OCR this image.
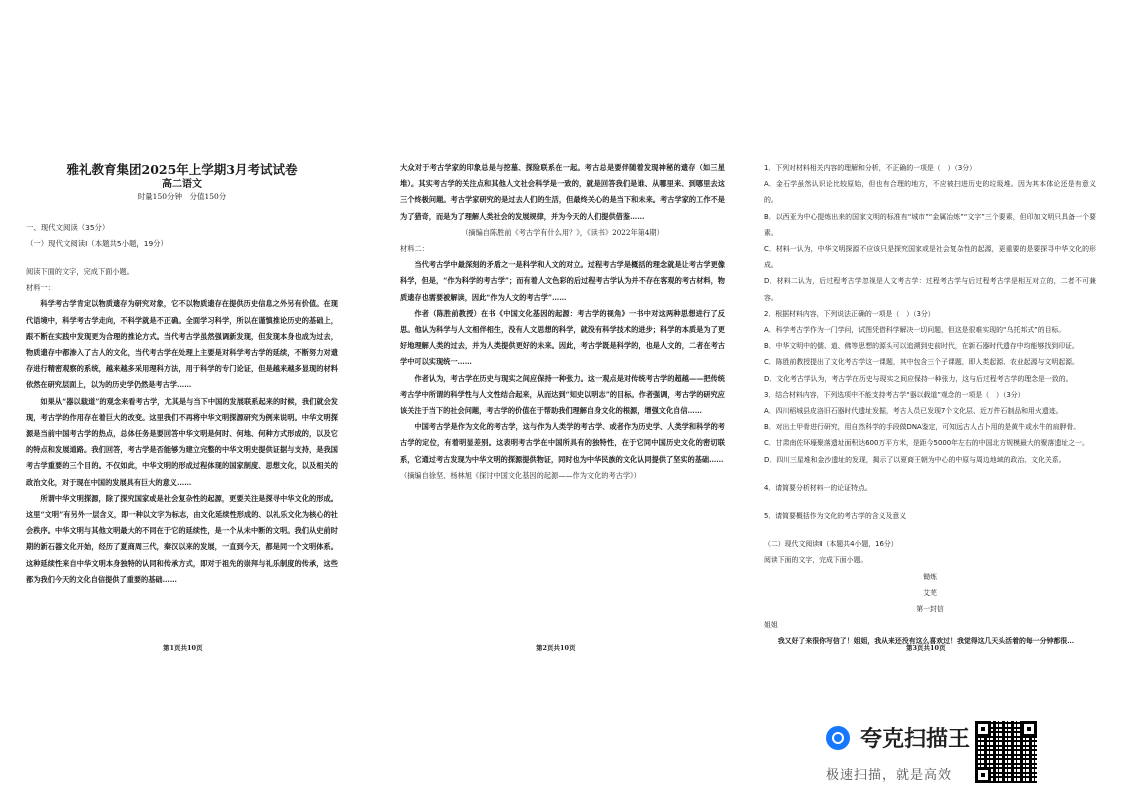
雅礼教育集团2025年上学期3月考试试卷
高二语文
时量150分钟　分值150分
一、现代文阅读（35分）
（一）现代文阅读Ⅰ（本题共5小题，19分）

阅读下面的文字，完成下面小题。

材料一：

科学考古学肯定以物质遗存为研究对象，它不以物质遗存在提供历史信息之外另有价值。在现代语境中，科学考古学走向，不科学就是不正确。全面学习科学，所以在谨慎推论历史的基础上，跟不断在实践中发现更为合理的推论方式。当代考古学虽然强调新发现，但发现本身也成为过去，物质遗存中都渗入了古人的文化，当代考古学在处理上主要是对科学考古学的延续，不断努力对遗存进行精密观察的系统，越来越多采用理科方法，用于科学的专门论证，但是越来越多显现的材料依然在研究层面上，以为的历史学仍然是考古学……

如果从“器以载道”的观念来看考古学，尤其是与当下中国的发展联系起来的时候，我们就会发现，考古学的作用存在着巨大的改变。这里我们不再将中华文明探源研究为例来说明。中华文明探源是当前中国考古学的热点，总体任务是要回答中华文明是何时、何地、何种方式形成的，以及它的特点和发展道路。我们回答，考古学是否能够为建立完整的中华文明史提供证据与支持，是我国考古学重要的三个目的。不仅如此，中华文明的形成过程体现的国家制度、思想文化，以及相关的政治文化，对于现在中国的发展具有巨大的意义……

所谓中华文明探源，除了探究国家或是社会复杂性的起源，更要关注是探寻中华文化的形成。这里“文明”有另外一层含义，即一种以文字为标志，由文化延续性形成的、以礼乐文化为核心的社会秩序。中华文明与其他文明最大的不同在于它的延续性，是一个从未中断的文明。我们从史前时期的新石器文化开始，经历了夏商周三代，秦汉以来的发展，一直到今天，都是同一个文明体系。这种延续性来自中华文明本身独特的认同和传承方式，即对于祖先的崇拜与礼乐制度的传承，这些都为我们今天的文化自信提供了重要的基础……

第1页共10页

大众对于考古学家的印象总是与挖墓、探险联系在一起。考古总是要伴随着发现神秘的遗存（如三星堆）。其实考古学的关注点和其他人文社会科学是一致的，就是回答我们是谁、从哪里来、到哪里去这三个终极问题。考古学家研究的是过去人们的生活，但最终关心的是当下和未来。考古学家的工作不是为了猎奇，而是为了理解人类社会的发展规律，并为今天的人们提供借鉴……

（摘编自陈胜前《考古学有什么用？》，《读书》2022年第4期）

材料二：

当代考古学中最深刻的矛盾之一是科学和人文的对立。过程考古学是概括的理念就是让考古学更像科学，但是，“作为科学的考古学”；而有着人文色彩的后过程考古学认为并不存在客观的考古材料，物质遗存也需要被解读，因此“作为人文的考古学”……

作者（陈胜前教授）在书《中国文化基因的起源：考古学的视角》一书中对这两种思想进行了反思。他认为科学与人文相伴相生，没有人文思想的科学，就没有科学技术的进步；科学的本质是为了更好地理解人类的过去，并为人类提供更好的未来。因此，考古学既是科学的，也是人文的，二者在考古学中可以实现统一……

作者认为，考古学在历史与现实之间应保持一种张力。这一观点是对传统考古学的超越——把传统考古学中所谓的科学性与人文性结合起来，从而达到“知史以明志”的目标。作者强调，考古学的研究应该关注于当下的社会问题，考古学的价值在于帮助我们理解自身文化的根源，增强文化自信……

中国考古学是作为文化的考古学，这与作为人类学的考古学、或者作为历史学、人类学和科学的考古学的定位，有着明显差别。这表明考古学在中国所具有的独特性，在于它同中国历史文化的密切联系，它通过考古发现为中华文明的探源提供物证，同时也为中华民族的文化认同提供了坚实的基础……

（摘编自徐坚、杨林旭《探讨中国文化基因的起源——作为文化的考古学》）

第2页共10页

1．下列对材料相关内容的理解和分析，不正确的一项是（　）（3分）

A．金石学虽然认识论比较原始，但也有合理的地方，不应被扫进历史的垃圾堆。因为其本体论还是有意义的。

B．以西亚为中心提炼出来的国家文明的标准有“城市”“金属冶炼”“文字”三个要素，但印加文明只具备一个要素。

C．材料一认为，中华文明探源不应该只是探究国家或是社会复杂性的起源，更重要的是要探寻中华文化的形成。

D．材料二认为，后过程考古学忽视是人文考古学：过程考古学与后过程考古学是相互对立的，二者不可兼容。

2．根据材料内容，下列说法正确的一项是（　）（3分）

A．科学考古学作为一门学问，试图凭借科学解决一切问题，但这是很难实现的“乌托邦式”的目标。

B．中华文明中的儒、道、佛等思想的源头可以追溯到史前时代，在新石器时代遗存中均能够找到印证。

C．陈胜前教授提出了文化考古学这一课题，其中包含三个子课题，即人类起源、农业起源与文明起源。

D．文化考古学认为，考古学在历史与现实之间应保持一种张力，这与后过程考古学的理念是一致的。

3．结合材料内容，下列选项中不能支持考古学“器以载道”观念的一项是（　）（3分）

A．四川稻城县皮洛旧石器时代遗址发掘，考古人员已发现7个文化层、近万件石制品和用火遗迹。

B．对出土甲骨进行研究，用自然科学的手段做DNA鉴定，可知远古人占卜用的是黄牛或水牛的肩胛骨。

C．甘肃南佐环壕聚落遗址面积达600万平方米，是距今5000年左右的中国北方规模最大的聚落遗址之一。

D．四川三星堆和金沙遗址的发现，揭示了以夏商王朝为中心的中原与周边地域的政治、文化关系。

4．请简要分析材料一的论证特点。

5．请简要概括作为文化的考古学的含义及意义

（二）现代文阅读Ⅱ（本题共4小题，16分）

阅读下面的文字，完成下面小题。

锄炼

艾芜

第一封信

姐姐

我又好了来很你写信了！姐姐，我从来还没有这么喜欢过！我觉得这几天头活着的每一分钟都很…

第3页共10页
夸克扫描王
极速扫描，就是高效
